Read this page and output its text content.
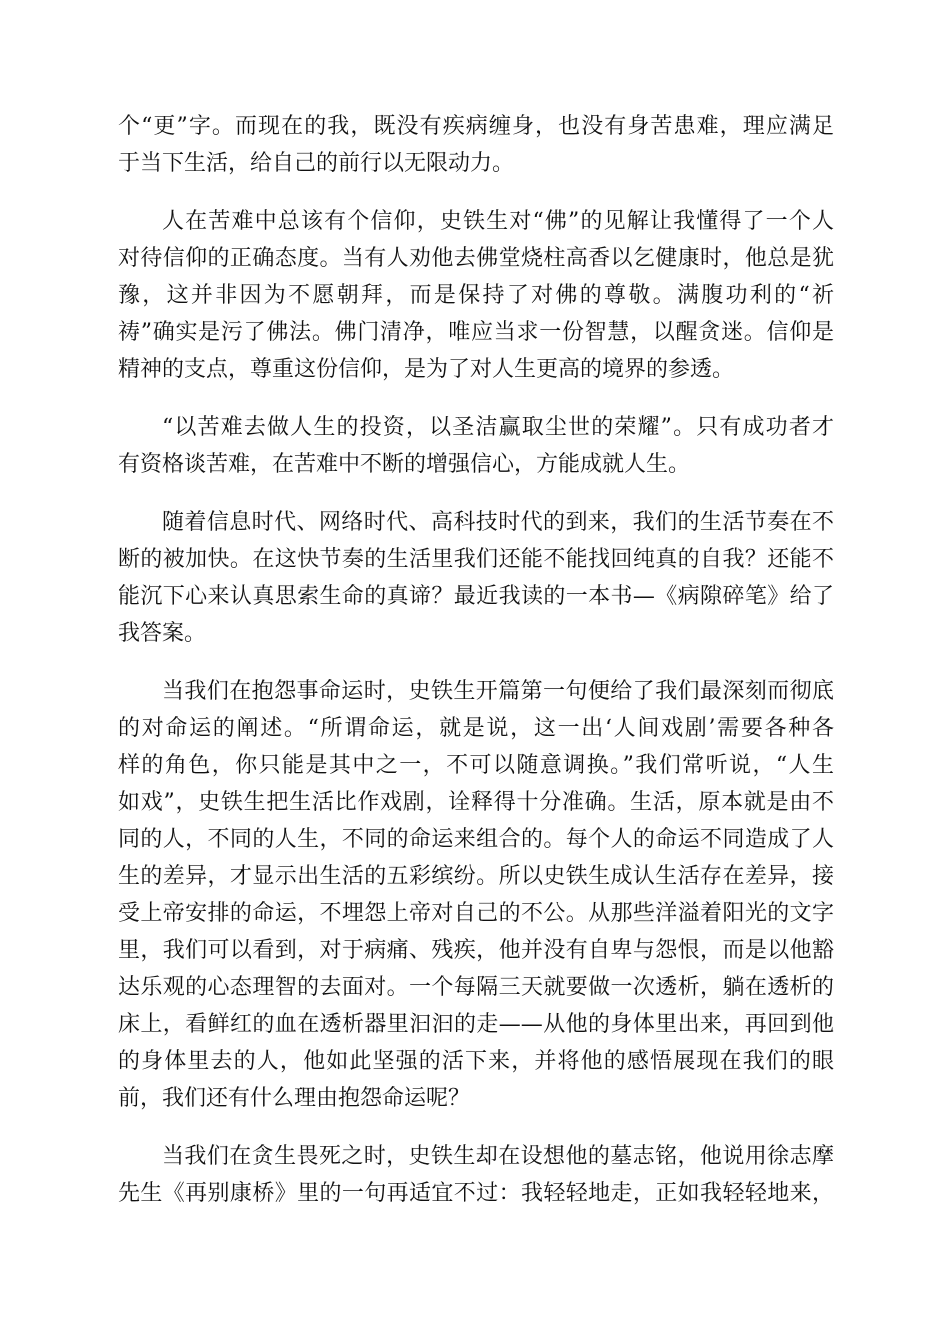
个“更”字。而现在的我，既没有疾病缠身，也没有身苦患难，理应满足
于当下生活，给自己的前行以无限动力。
人在苦难中总该有个信仰，史铁生对“佛”的见解让我懂得了一个人
对待信仰的正确态度。当有人劝他去佛堂烧柱高香以乞健康时，他总是犹
豫，这并非因为不愿朝拜，而是保持了对佛的尊敬。满腹功利的“祈
祷”确实是污了佛法。佛门清净，唯应当求一份智慧，以醒贪迷。信仰是
精神的支点，尊重这份信仰，是为了对人生更高的境界的参透。
“以苦难去做人生的投资，以圣洁赢取尘世的荣耀”。只有成功者才
有资格谈苦难，在苦难中不断的增强信心，方能成就人生。
随着信息时代、网络时代、高科技时代的到来，我们的生活节奏在不
断的被加快。在这快节奏的生活里我们还能不能找回纯真的自我？还能不
能沉下心来认真思索生命的真谛？最近我读的一本书—《病隙碎笔》给了
我答案。
当我们在抱怨事命运时，史铁生开篇第一句便给了我们最深刻而彻底
的对命运的阐述。“所谓命运，就是说，这一出‘人间戏剧’需要各种各
样的角色，你只能是其中之一，不可以随意调换。”我们常听说，“人生
如戏”，史铁生把生活比作戏剧，诠释得十分准确。生活，原本就是由不
同的人，不同的人生，不同的命运来组合的。每个人的命运不同造成了人
生的差异，才显示出生活的五彩缤纷。所以史铁生成认生活存在差异，接
受上帝安排的命运，不埋怨上帝对自己的不公。从那些洋溢着阳光的文字
里，我们可以看到，对于病痛、残疾，他并没有自卑与怨恨，而是以他豁
达乐观的心态理智的去面对。一个每隔三天就要做一次透析，躺在透析的
床上，看鲜红的血在透析器里汩汩的走——从他的身体里出来，再回到他
的身体里去的人，他如此坚强的活下来，并将他的感悟展现在我们的眼
前，我们还有什么理由抱怨命运呢？
当我们在贪生畏死之时，史铁生却在设想他的墓志铭，他说用徐志摩
先生《再别康桥》里的一句再适宜不过：我轻轻地走，正如我轻轻地来，
